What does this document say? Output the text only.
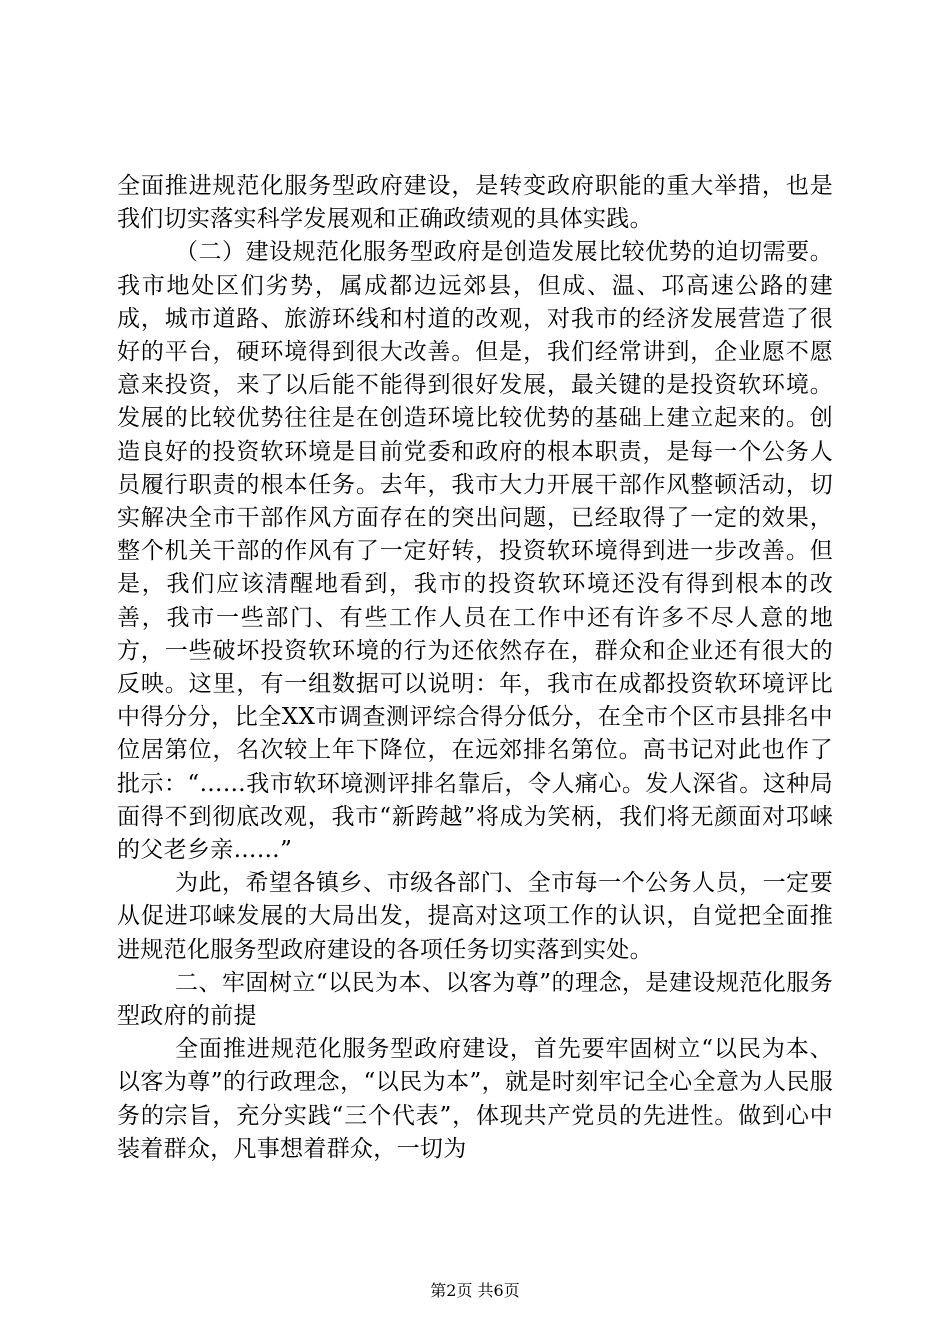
全面推进规范化服务型政府建设，是转变政府职能的重大举措，也是我们切实落实科学发展观和正确政绩观的具体实践。

（二）建设规范化服务型政府是创造发展比较优势的迫切需要。我市地处区们劣势，属成都边远郊县，但成、温、邛高速公路的建成，城市道路、旅游环线和村道的改观，对我市的经济发展营造了很好的平台，硬环境得到很大改善。但是，我们经常讲到，企业愿不愿意来投资，来了以后能不能得到很好发展，最关键的是投资软环境。发展的比较优势往往是在创造环境比较优势的基础上建立起来的。创造良好的投资软环境是目前党委和政府的根本职责，是每一个公务人员履行职责的根本任务。去年，我市大力开展干部作风整顿活动，切实解决全市干部作风方面存在的突出问题，已经取得了一定的效果，整个机关干部的作风有了一定好转，投资软环境得到进一步改善。但是，我们应该清醒地看到，我市的投资软环境还没有得到根本的改善，我市一些部门、有些工作人员在工作中还有许多不尽人意的地方，一些破坏投资软环境的行为还依然存在，群众和企业还有很大的反映。这里，有一组数据可以说明：年，我市在成都投资软环境评比中得分分，比全XX市调查测评综合得分低分，在全市个区市县排名中位居第位，名次较上年下降位，在远郊排名第位。高书记对此也作了批示：“……我市软环境测评排名靠后，令人痛心。发人深省。这种局面得不到彻底改观，我市“新跨越”将成为笑柄，我们将无颜面对邛崃的父老乡亲……”

为此，希望各镇乡、市级各部门、全市每一个公务人员，一定要从促进邛崃发展的大局出发，提高对这项工作的认识，自觉把全面推进规范化服务型政府建设的各项任务切实落到实处。

二、牢固树立“以民为本、以客为尊”的理念，是建设规范化服务型政府的前提

全面推进规范化服务型政府建设，首先要牢固树立“以民为本、以客为尊”的行政理念，“以民为本”，就是时刻牢记全心全意为人民服务的宗旨，充分实践“三个代表”，体现共产党员的先进性。做到心中装着群众，凡事想着群众，一切为

第2页 共6页
